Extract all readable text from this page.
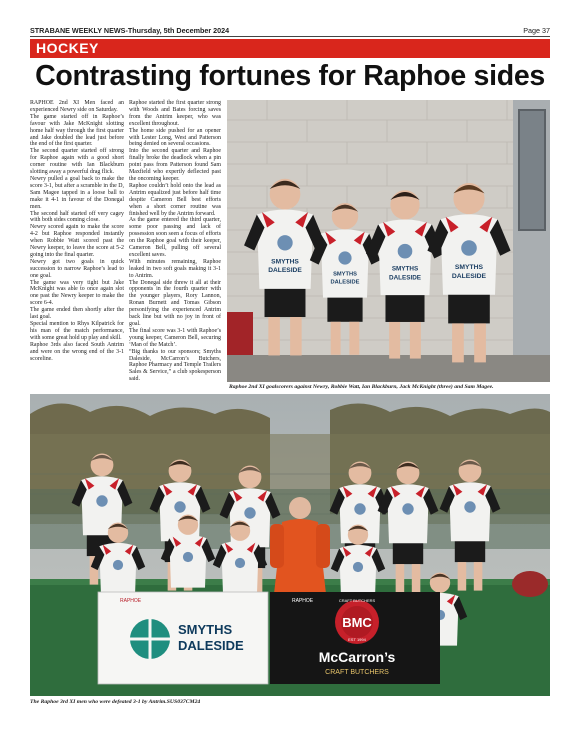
STRABANE WEEKLY NEWS-Thursday, 5th December 2024	Page 37
HOCKEY
Contrasting fortunes for Raphoe sides

RAPHOE 2nd XI Men faced an experienced Newry side on Saturday.

The game started off in Raphoe’s favour with Jake McKnight slotting home half way through the first quarter and Jake doubled the lead just before the end of the first quarter.

The second quarter started off strong for Raphoe again with a good short corner routine with Ian Blackburn slotting away a powerful drag flick.

Newry pulled a goal back to make the score 3-1, but after a scramble in the D, Sam Magee tapped in a loose ball to make it 4-1 in favour of the Donegal men.

The second half started off very cagey with both sides coming close.

Newry scored again to make the score 4-2 but Raphoe responded instantly when Robbie Watt scored past the Newry keeper, to leave the score at 5-2 going into the final quarter.

Newry got two goals in quick succession to narrow Raphoe’s lead to one goal.

The game was very tight but Jake McKnight was able to once again slot one past the Newry keeper to make the score 6-4.

The game ended then shortly after the last goal.

Special mention to Rhys Kilpatrick for his man of the match performance, with some great hold up play and skill.

Raphoe 3rds also faced South Antrim and were on the wrong end of the 3-1 scoreline.

Raphoe started the first quarter strong with Woods and Bates forcing saves from the Antrim keeper, who was excellent throughout.

The home side pushed for an opener with Lester Long, West and Patterson being denied on several occasions.

Into the second quarter and Raphoe finally broke the deadlock when a pin point pass from Patterson found Sam Maxfield who expertly deflected past the oncoming keeper.

Raphoe couldn’t hold onto the lead as Antrim equalized just before half time despite Cameron Bell best efforts when a short corner routine was finished well by the Antrim forward.

As the game entered the third quarter, some poor passing and lack of possession soon seen a focus of efforts on the Raphoe goal with their keeper, Cameron Bell, pulling off several excellent saves.

With minutes remaining, Raphoe leaked in two soft goals making it 3-1 to Antrim.

The Donegal side threw it all at their opponents in the fourth quarter with the younger players, Rory Lannon, Ronan Burnett and Tomas Gibson personifying the experienced Antrim back line but with no joy in front of goal.

The final score was 3-1 with Raphoe’s young keeper, Cameron Bell, securing ‘Man of the Match’.

“Big thanks to our sponsors; Smyths Daleside, McCarron’s Butchers, Raphoe Pharmacy and Temple Trailers Sales & Service,” a club spokesperson said.

SMYTHS
DALESIDE
SMYTHS
DALESIDE
SMYTHS
DALESIDE
SMYTHS
DALESIDE
Raphoe 2nd XI goalscorers against Newry, Robbie Watt, Ian Blackburn, Jack McKnight (three) and Sam Magee.
SMYTHS
DALESIDE
RAPHOE
BMC
EST 1994
CRAFT BUTCHERS
McCarron’s
CRAFT BUTCHERS
RAPHOE
The Raphoe 3rd XI men who were defeated 3-1 by Antrim.SUS037CM24
